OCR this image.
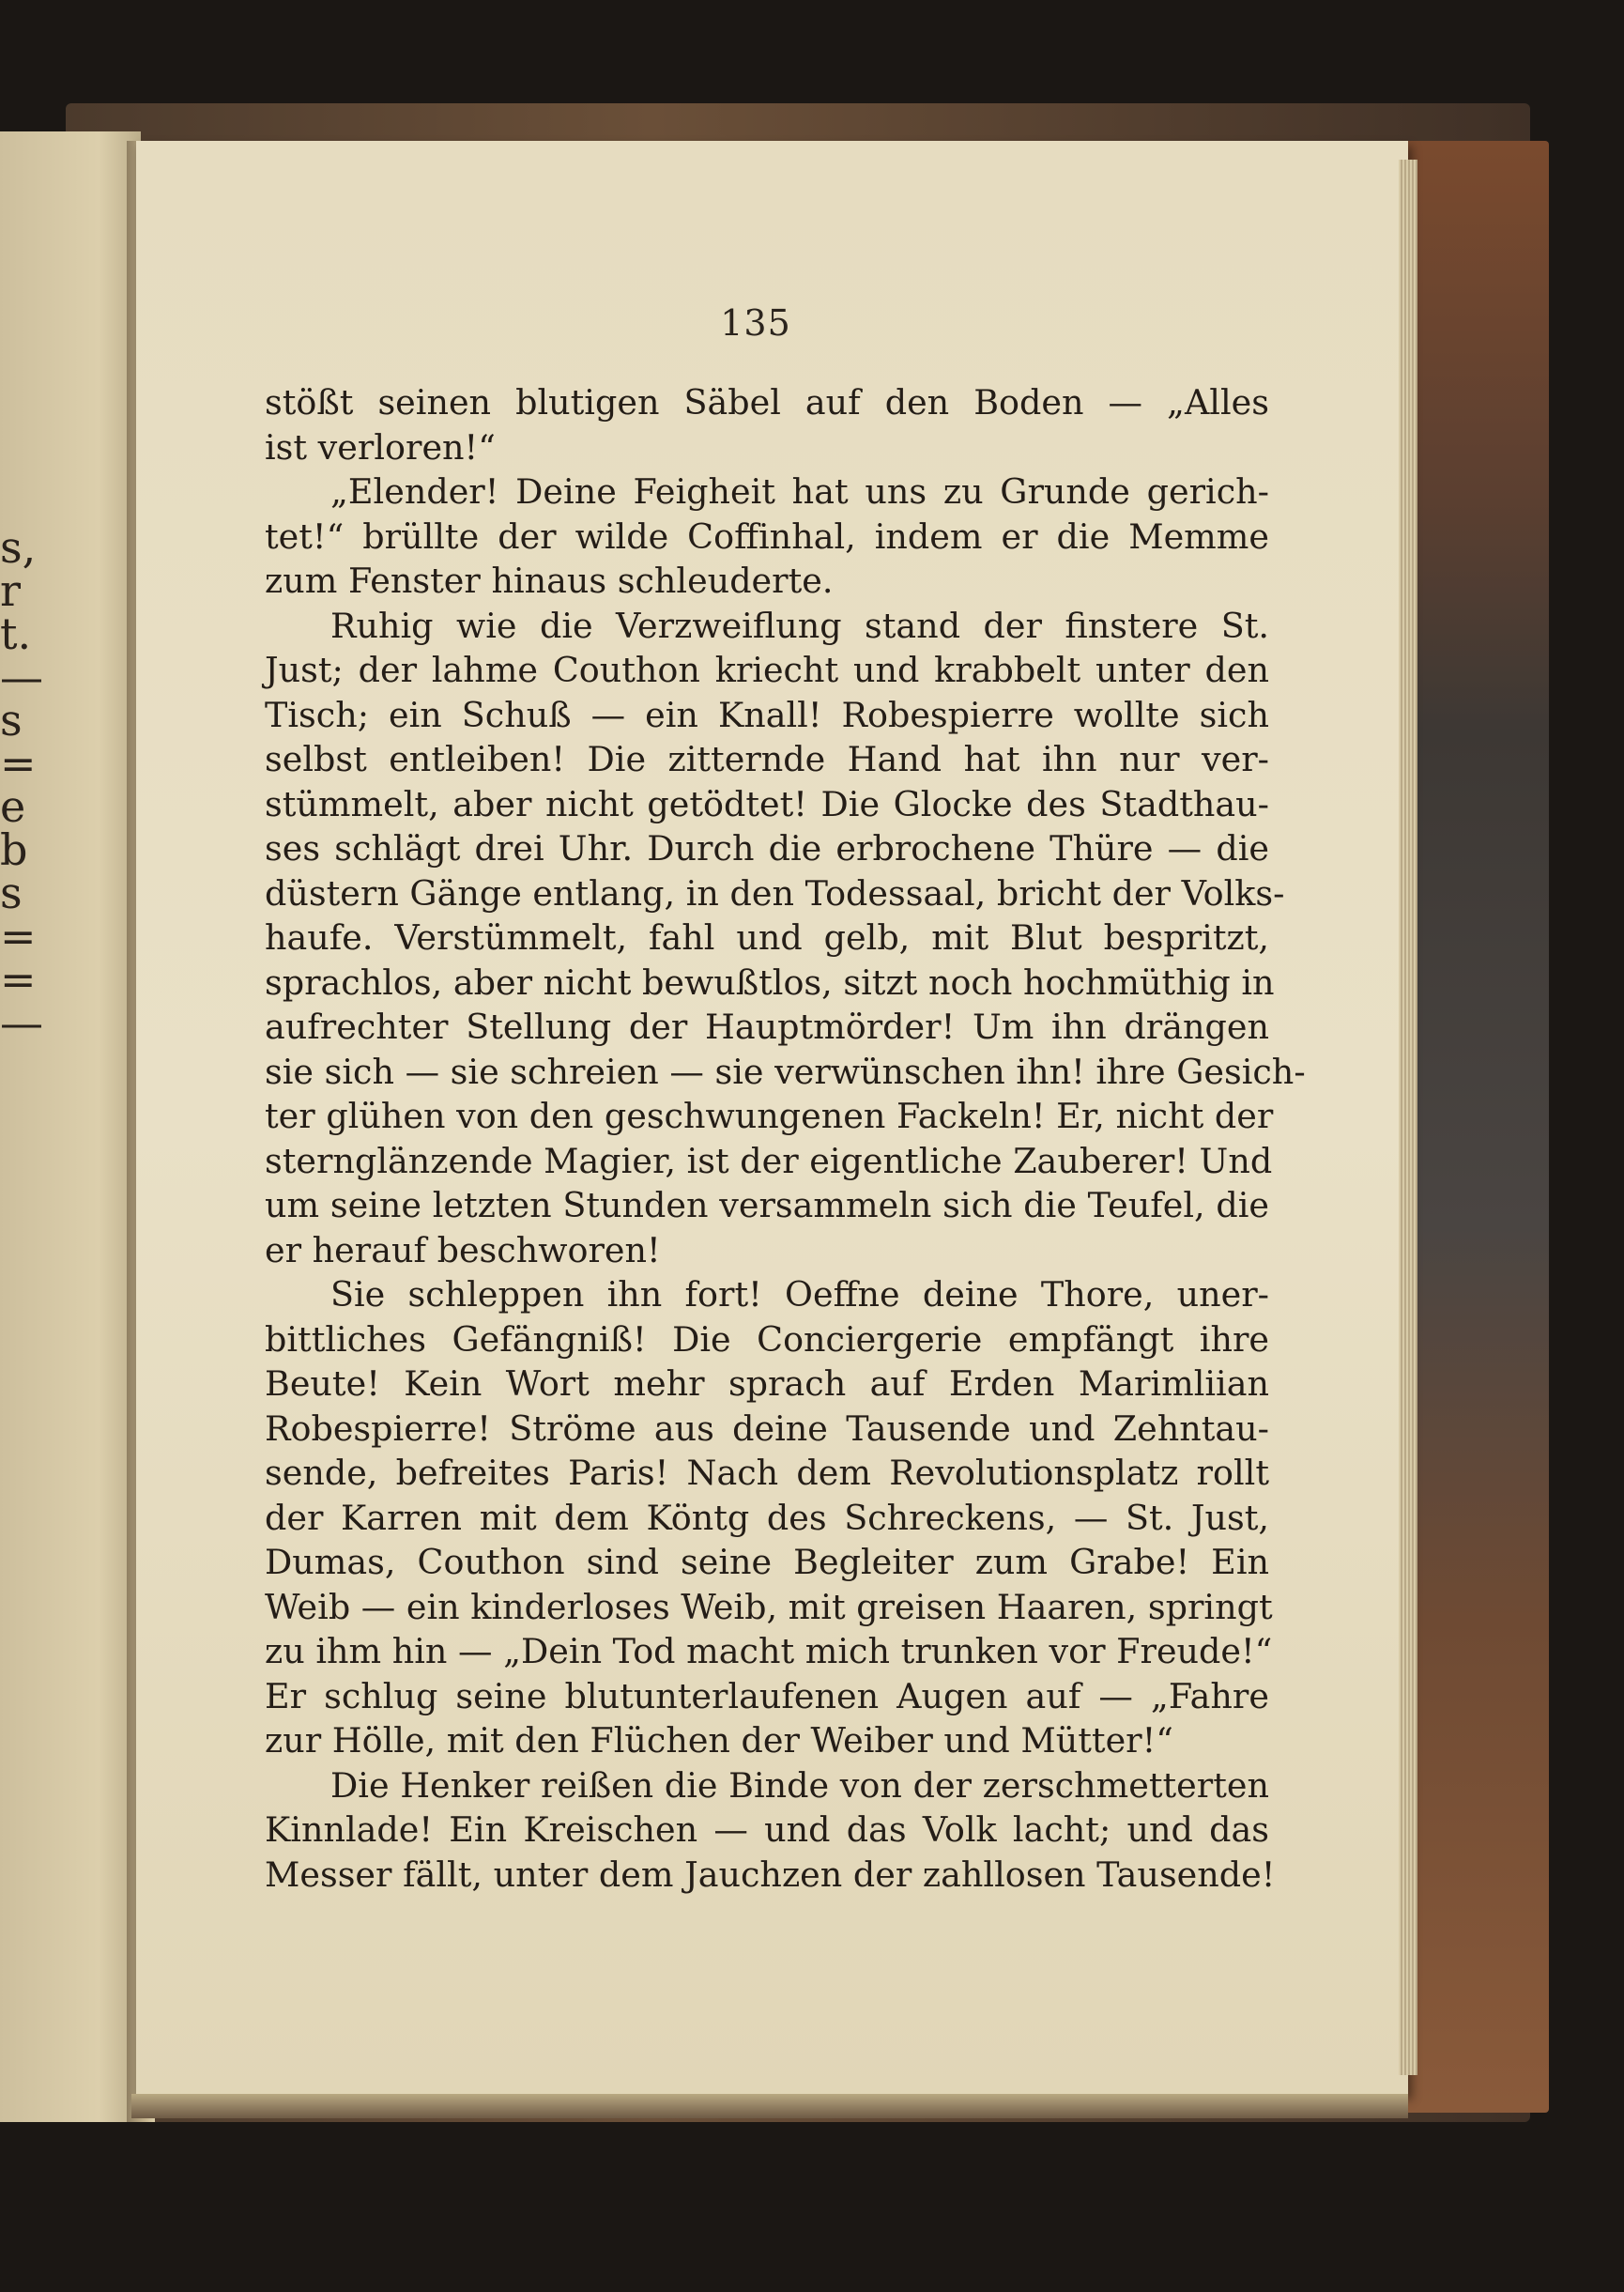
s,
r
t.
—
s
=
e
b
s
=
=
—
135
stößt seinen blutigen Säbel auf den Boden — „Alles
ist verloren!“
„Elender! Deine Feigheit hat uns zu Grunde gerich-
tet!“ brüllte der wilde Coffinhal, indem er die Memme
zum Fenster hinaus schleuderte.
Ruhig wie die Verzweiflung stand der finstere St.
Just; der lahme Couthon kriecht und krabbelt unter den
Tisch; ein Schuß — ein Knall! Robespierre wollte sich
selbst entleiben! Die zitternde Hand hat ihn nur ver-
stümmelt, aber nicht getödtet! Die Glocke des Stadthau-
ses schlägt drei Uhr. Durch die erbrochene Thüre — die
düstern Gänge entlang, in den Todessaal, bricht der Volks-
haufe. Verstümmelt, fahl und gelb, mit Blut bespritzt,
sprachlos, aber nicht bewußtlos, sitzt noch hochmüthig in
aufrechter Stellung der Hauptmörder! Um ihn drängen
sie sich — sie schreien — sie verwünschen ihn! ihre Gesich-
ter glühen von den geschwungenen Fackeln! Er, nicht der
sternglänzende Magier, ist der eigentliche Zauberer! Und
um seine letzten Stunden versammeln sich die Teufel, die
er herauf beschworen!
Sie schleppen ihn fort! Oeffne deine Thore, uner-
bittliches Gefängniß! Die Conciergerie empfängt ihre
Beute! Kein Wort mehr sprach auf Erden Marimliian
Robespierre! Ströme aus deine Tausende und Zehntau-
sende, befreites Paris! Nach dem Revolutionsplatz rollt
der Karren mit dem Köntg des Schreckens, — St. Just,
Dumas, Couthon sind seine Begleiter zum Grabe! Ein
Weib — ein kinderloses Weib, mit greisen Haaren, springt
zu ihm hin — „Dein Tod macht mich trunken vor Freude!“
Er schlug seine blutunterlaufenen Augen auf — „Fahre
zur Hölle, mit den Flüchen der Weiber und Mütter!“
Die Henker reißen die Binde von der zerschmetterten
Kinnlade! Ein Kreischen — und das Volk lacht; und das
Messer fällt, unter dem Jauchzen der zahllosen Tausende!
